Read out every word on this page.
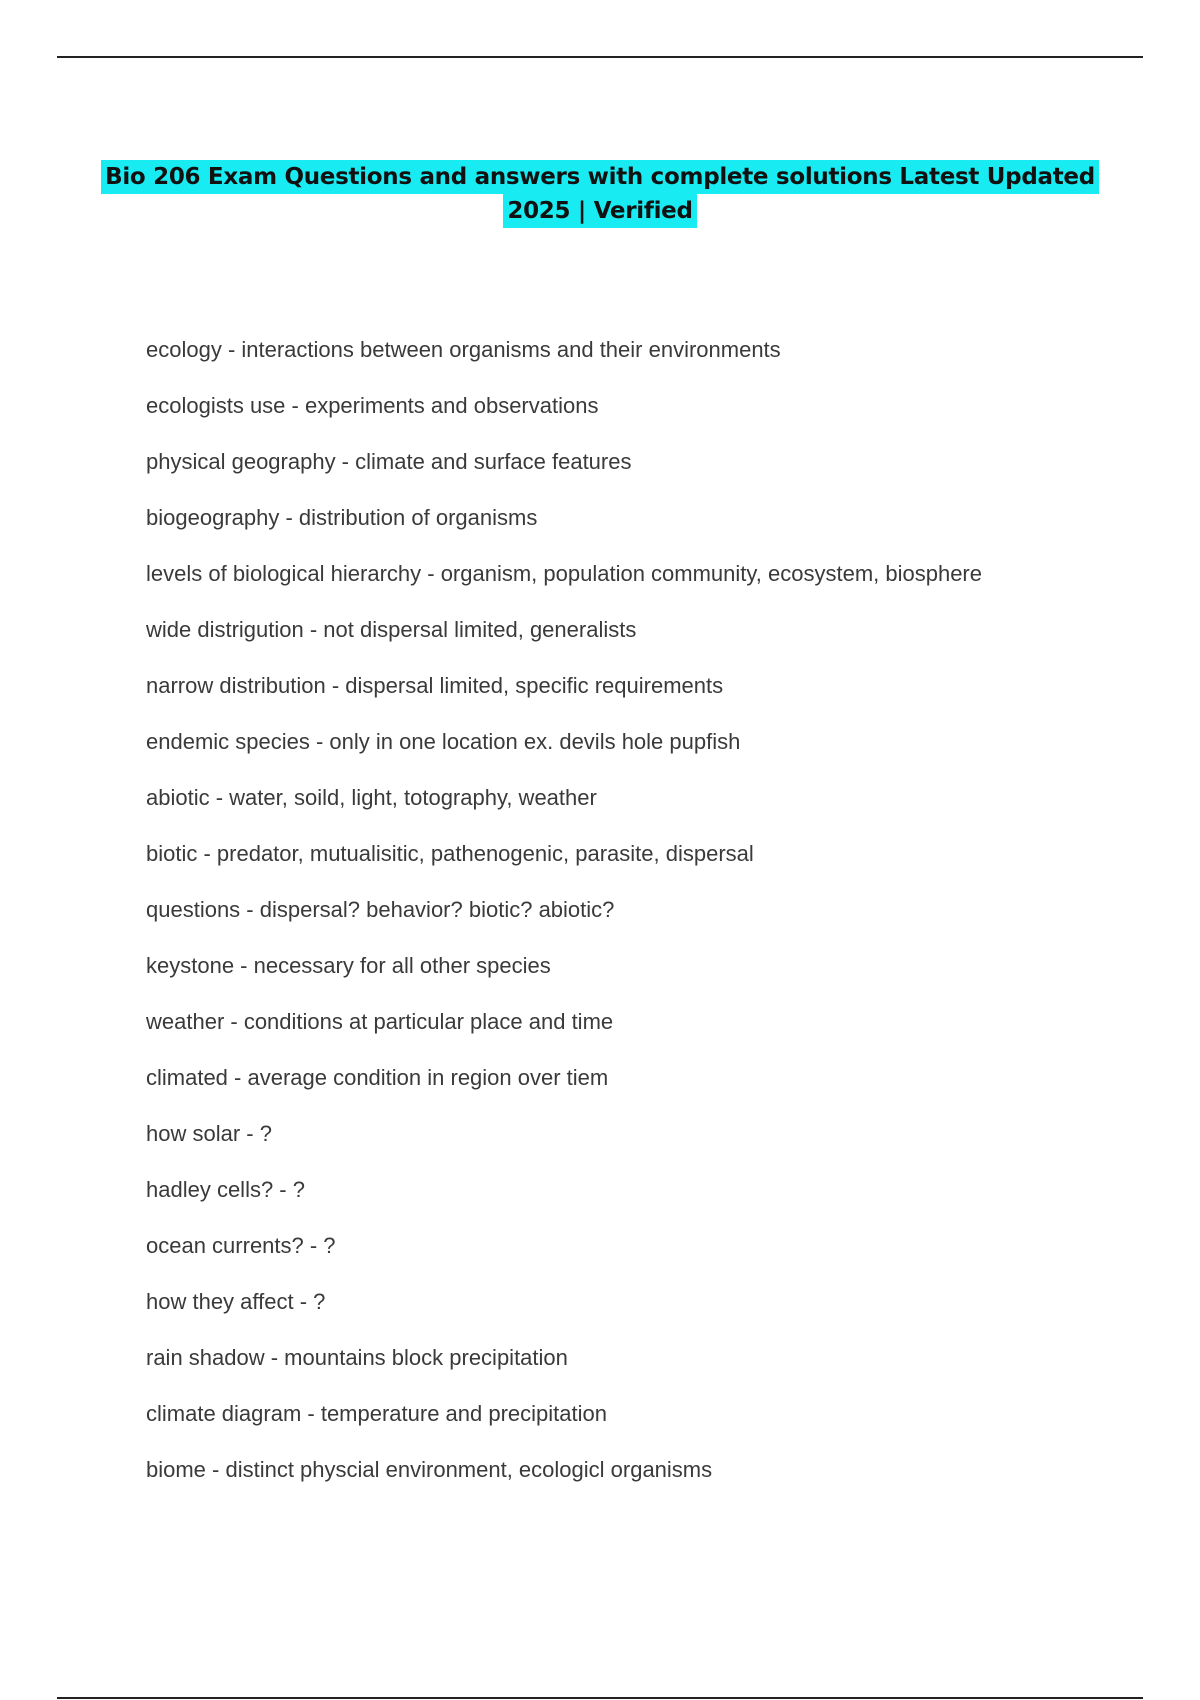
Bio 206 Exam Questions and answers with complete solutions Latest Updated
2025 | Verified
ecology - interactions between organisms and their environments
ecologists use - experiments and observations
physical geography - climate and surface features
biogeography - distribution of organisms
levels of biological hierarchy - organism, population community, ecosystem, biosphere
wide distrigution - not dispersal limited, generalists
narrow distribution - dispersal limited, specific requirements
endemic species - only in one location ex. devils hole pupfish
abiotic - water, soild, light, totography, weather
biotic - predator, mutualisitic, pathenogenic, parasite, dispersal
questions - dispersal? behavior? biotic? abiotic?
keystone - necessary for all other species
weather - conditions at particular place and time
climated - average condition in region over tiem
how solar - ?
hadley cells? - ?
ocean currents? - ?
how they affect - ?
rain shadow - mountains block precipitation
climate diagram - temperature and precipitation
biome - distinct physcial environment, ecologicl organisms
